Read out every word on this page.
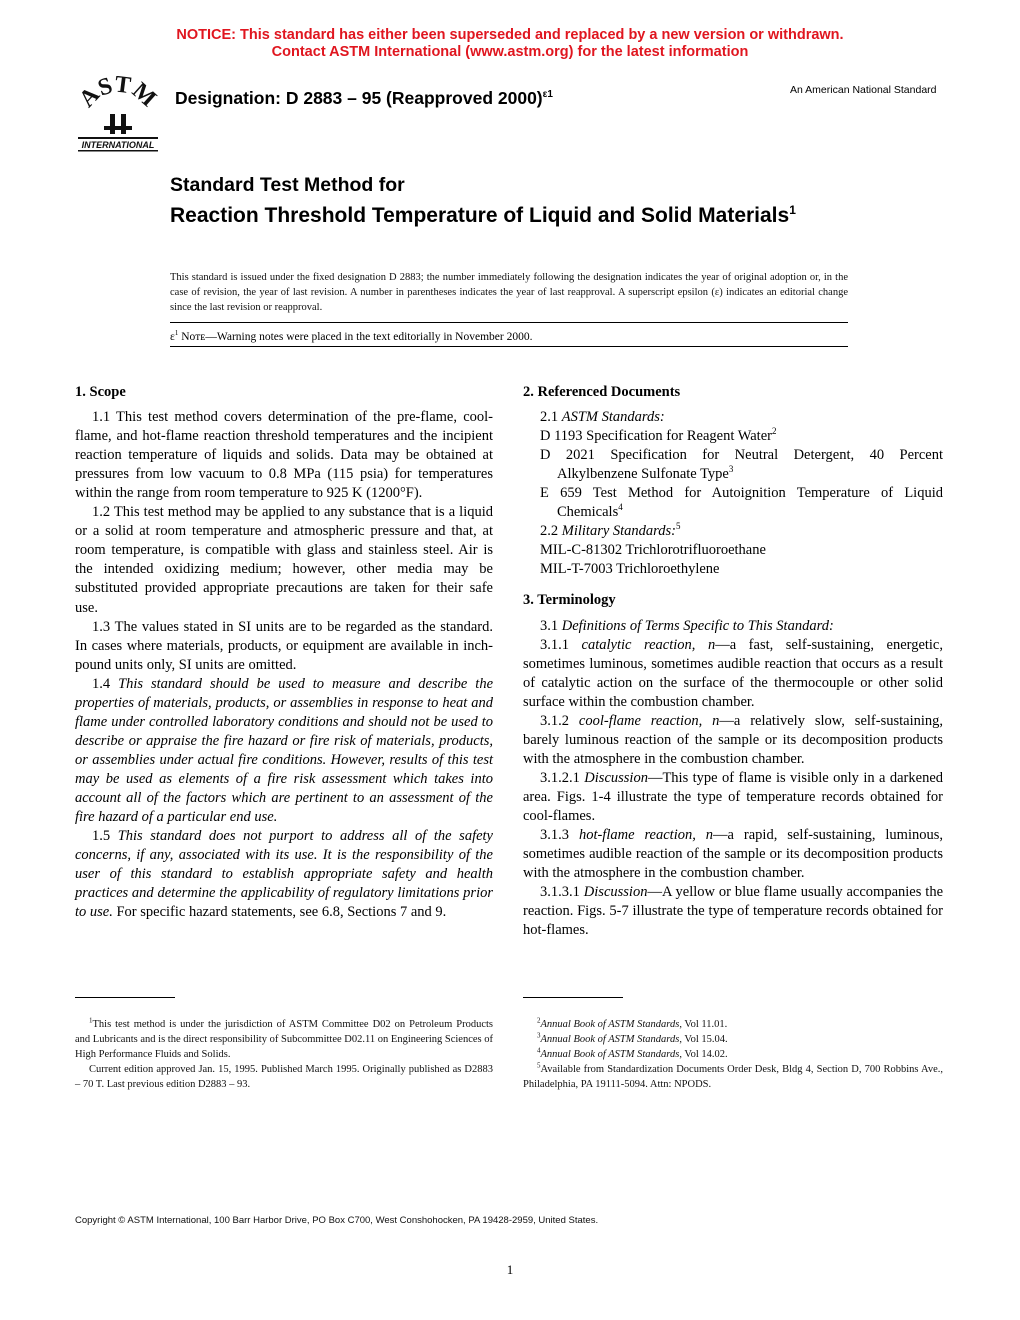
NOTICE: This standard has either been superseded and replaced by a new version or withdrawn.
Contact ASTM International (www.astm.org) for the latest information
ASTM
INTERNATIONAL
Designation: D 2883 – 95 (Reapproved 2000)$^{\varepsilon 1}$	An American National Standard
Standard Test Method for
Reaction Threshold Temperature of Liquid and Solid Materials$^1$
This standard is issued under the fixed designation D 2883; the number immediately following the designation indicates the year of original adoption or, in the case of revision, the year of last revision. A number in parentheses indicates the year of last reapproval. A superscript epsilon (ε) indicates an editorial change since the last revision or reapproval.
$\varepsilon^1$ Nᴏᴛᴇ—Warning notes were placed in the text editorially in November 2000.
1. Scope

1.1 This test method covers determination of the pre-flame, cool-flame, and hot-flame reaction threshold temperatures and the incipient reaction temperature of liquids and solids. Data may be obtained at pressures from low vacuum to 0.8 MPa (115 psia) for temperatures within the range from room temperature to 925 K (1200°F).

1.2 This test method may be applied to any substance that is a liquid or a solid at room temperature and atmospheric pressure and that, at room temperature, is compatible with glass and stainless steel. Air is the intended oxidizing medium; however, other media may be substituted provided appropriate precautions are taken for their safe use.

1.3 The values stated in SI units are to be regarded as the standard. In cases where materials, products, or equipment are available in inch-pound units only, SI units are omitted.

1.4 This standard should be used to measure and describe the properties of materials, products, or assemblies in response to heat and flame under controlled laboratory conditions and should not be used to describe or appraise the fire hazard or fire risk of materials, products, or assemblies under actual fire conditions. However, results of this test may be used as elements of a fire risk assessment which takes into account all of the factors which are pertinent to an assessment of the fire hazard of a particular end use.

1.5 This standard does not purport to address all of the safety concerns, if any, associated with its use. It is the responsibility of the user of this standard to establish appropriate safety and health practices and determine the applicability of regulatory limitations prior to use. For specific hazard statements, see 6.8, Sections 7 and 9.

2. Referenced Documents

2.1 ASTM Standards:

D 1193 Specification for Reagent Water$^2$

D 2021 Specification for Neutral Detergent, 40 Percent Alkylbenzene Sulfonate Type$^3$

E 659 Test Method for Autoignition Temperature of Liquid Chemicals$^4$

2.2 Military Standards:$^5$

MIL-C-81302 Trichlorotrifluoroethane

MIL-T-7003 Trichloroethylene

3. Terminology

3.1 Definitions of Terms Specific to This Standard:

3.1.1 catalytic reaction, n—a fast, self-sustaining, energetic, sometimes luminous, sometimes audible reaction that occurs as a result of catalytic action on the surface of the thermocouple or other solid surface within the combustion chamber.

3.1.2 cool-flame reaction, n—a relatively slow, self-sustaining, barely luminous reaction of the sample or its decomposition products with the atmosphere in the combustion chamber.

3.1.2.1 Discussion—This type of flame is visible only in a darkened area. Figs. 1-4 illustrate the type of temperature records obtained for cool-flames.

3.1.3 hot-flame reaction, n—a rapid, self-sustaining, luminous, sometimes audible reaction of the sample or its decomposition products with the atmosphere in the combustion chamber.

3.1.3.1 Discussion—A yellow or blue flame usually accompanies the reaction. Figs. 5-7 illustrate the type of temperature records obtained for hot-flames.

$^1$This test method is under the jurisdiction of ASTM Committee D02 on Petroleum Products and Lubricants and is the direct responsibility of Subcommittee D02.11 on Engineering Sciences of High Performance Fluids and Solids.

Current edition approved Jan. 15, 1995. Published March 1995. Originally published as D2883 – 70 T. Last previous edition D2883 – 93.

$^2$Annual Book of ASTM Standards, Vol 11.01.

$^3$Annual Book of ASTM Standards, Vol 15.04.

$^4$Annual Book of ASTM Standards, Vol 14.02.

$^5$Available from Standardization Documents Order Desk, Bldg 4, Section D, 700 Robbins Ave., Philadelphia, PA 19111-5094. Attn: NPODS.

Copyright © ASTM International, 100 Barr Harbor Drive, PO Box C700, West Conshohocken, PA 19428-2959, United States.
1
